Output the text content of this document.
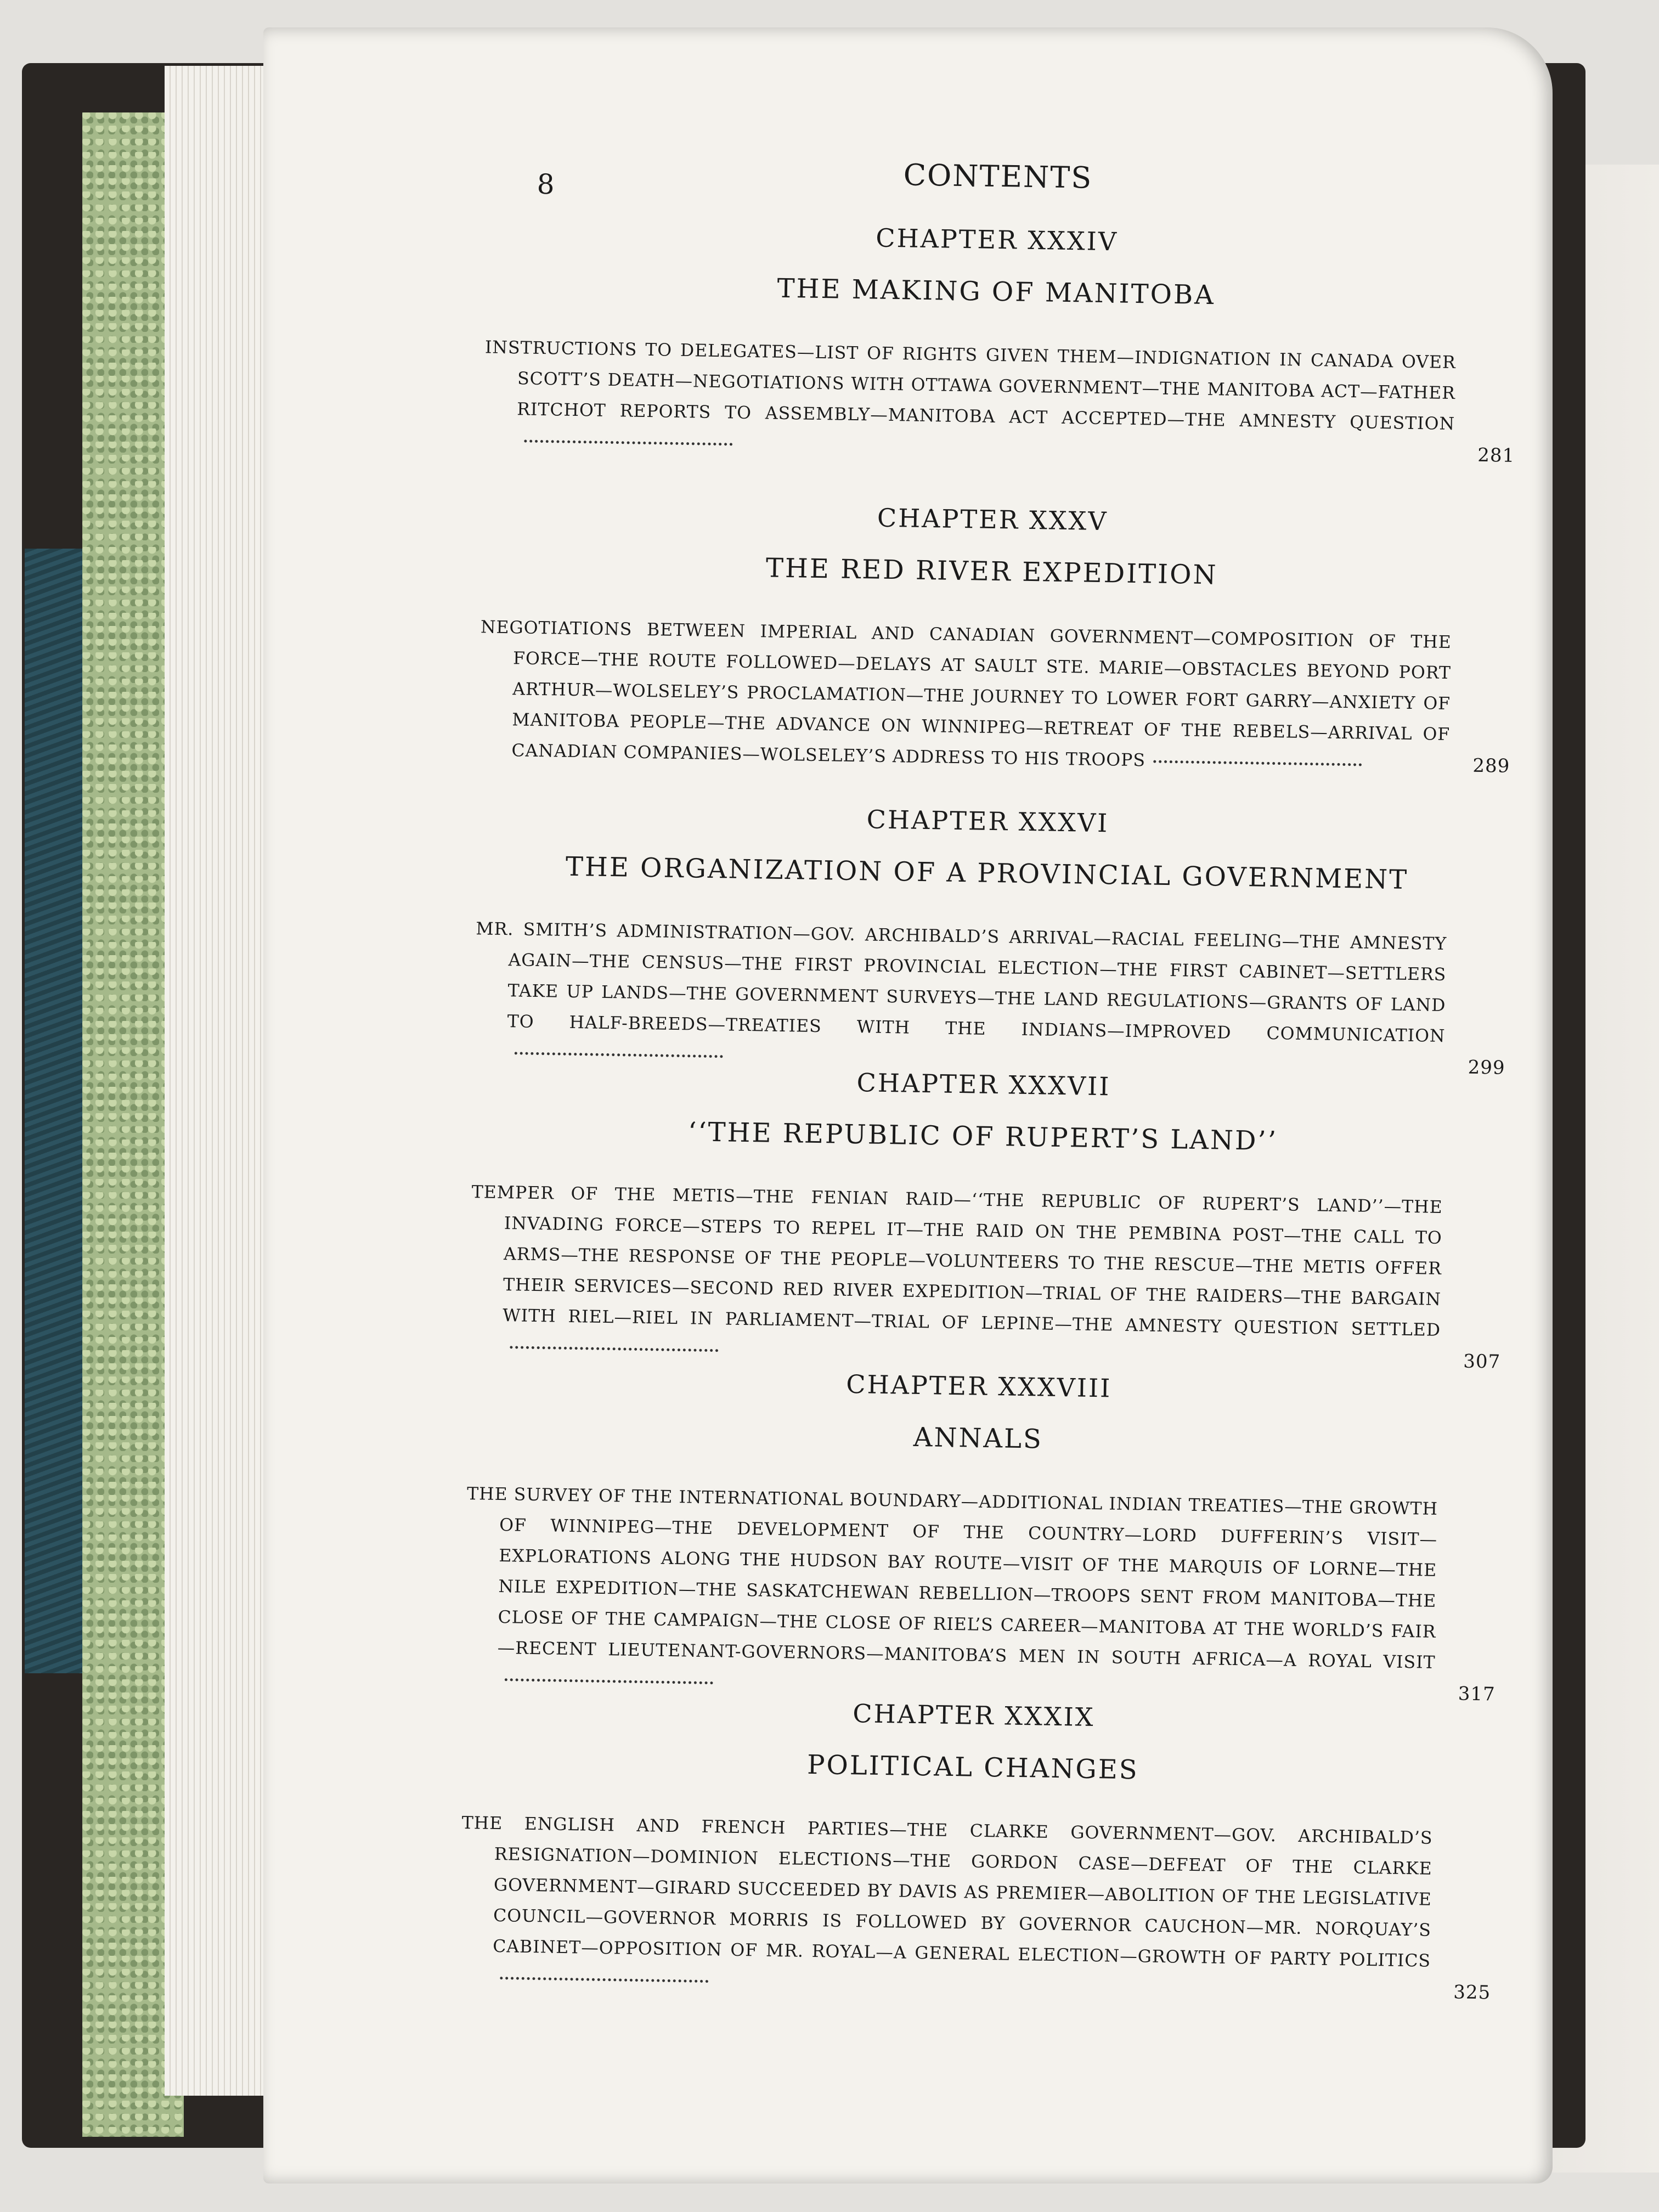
8	CONTENTS
CHAPTER XXXIV
THE MAKING OF MANITOBA
INSTRUCTIONS TO DELEGATES—LIST OF RIGHTS GIVEN THEM—INDIGNATION IN CANADA OVER SCOTT’S DEATH—NEGOTIATIONS WITH OTTAWA GOVERNMENT—THE MANITOBA ACT—FATHER RITCHOT REPORTS TO ASSEMBLY—MANITOBA ACT ACCEPTED—THE AMNESTY QUESTION
281
CHAPTER XXXV
THE RED RIVER EXPEDITION
NEGOTIATIONS BETWEEN IMPERIAL AND CANADIAN GOVERNMENT—COMPOSITION OF THE FORCE—THE ROUTE FOLLOWED—DELAYS AT SAULT STE. MARIE—OBSTACLES BEYOND PORT ARTHUR—WOLSELEY’S PROCLAMATION—THE JOURNEY TO LOWER FORT GARRY—ANXIETY OF MANITOBA PEOPLE—THE ADVANCE ON WINNIPEG—RETREAT OF THE REBELS—ARRIVAL OF CANADIAN COMPANIES—WOLSELEY’S ADDRESS TO HIS TROOPS	289
CHAPTER XXXVI
THE ORGANIZATION OF A PROVINCIAL GOVERNMENT
MR. SMITH’S ADMINISTRATION—GOV. ARCHIBALD’S ARRIVAL—RACIAL FEELING—THE AMNESTY AGAIN—THE CENSUS—THE FIRST PROVINCIAL ELECTION—THE FIRST CABINET—SETTLERS TAKE UP LANDS—THE GOVERNMENT SURVEYS—THE LAND REGULATIONS—GRANTS OF LAND TO HALF-BREEDS—TREATIES WITH THE INDIANS—IMPROVED COMMUNICATION
299
CHAPTER XXXVII
‘‘THE REPUBLIC OF RUPERT’S LAND’’
TEMPER OF THE METIS—THE FENIAN RAID—‘‘THE REPUBLIC OF RUPERT’S LAND’’—THE INVADING FORCE—STEPS TO REPEL IT—THE RAID ON THE PEMBINA POST—THE CALL TO ARMS—THE RESPONSE OF THE PEOPLE—VOLUNTEERS TO THE RESCUE—THE METIS OFFER THEIR SERVICES—SECOND RED RIVER EXPEDITION—TRIAL OF THE RAIDERS—THE BARGAIN WITH RIEL—RIEL IN PARLIAMENT—TRIAL OF LEPINE—THE AMNESTY QUESTION SETTLED
307
CHAPTER XXXVIII
ANNALS
THE SURVEY OF THE INTERNATIONAL BOUNDARY—ADDITIONAL INDIAN TREATIES—THE GROWTH OF WINNIPEG—THE DEVELOPMENT OF THE COUNTRY—LORD DUFFERIN’S VISIT—EXPLORATIONS ALONG THE HUDSON BAY ROUTE—VISIT OF THE MARQUIS OF LORNE—THE NILE EXPEDITION—THE SASKATCHEWAN REBELLION—TROOPS SENT FROM MANITOBA—THE CLOSE OF THE CAMPAIGN—THE CLOSE OF RIEL’S CAREER—MANITOBA AT THE WORLD’S FAIR—RECENT LIEUTENANT-GOVERNORS—MANITOBA’S MEN IN SOUTH AFRICA—A ROYAL VISIT
317
CHAPTER XXXIX
POLITICAL CHANGES
THE ENGLISH AND FRENCH PARTIES—THE CLARKE GOVERNMENT—GOV. ARCHIBALD’S RESIGNATION—DOMINION ELECTIONS—THE GORDON CASE—DEFEAT OF THE CLARKE GOVERNMENT—GIRARD SUCCEEDED BY DAVIS AS PREMIER—ABOLITION OF THE LEGISLATIVE COUNCIL—GOVERNOR MORRIS IS FOLLOWED BY GOVERNOR CAUCHON—MR. NORQUAY’S CABINET—OPPOSITION OF MR. ROYAL—A GENERAL ELECTION—GROWTH OF PARTY POLITICS
325
